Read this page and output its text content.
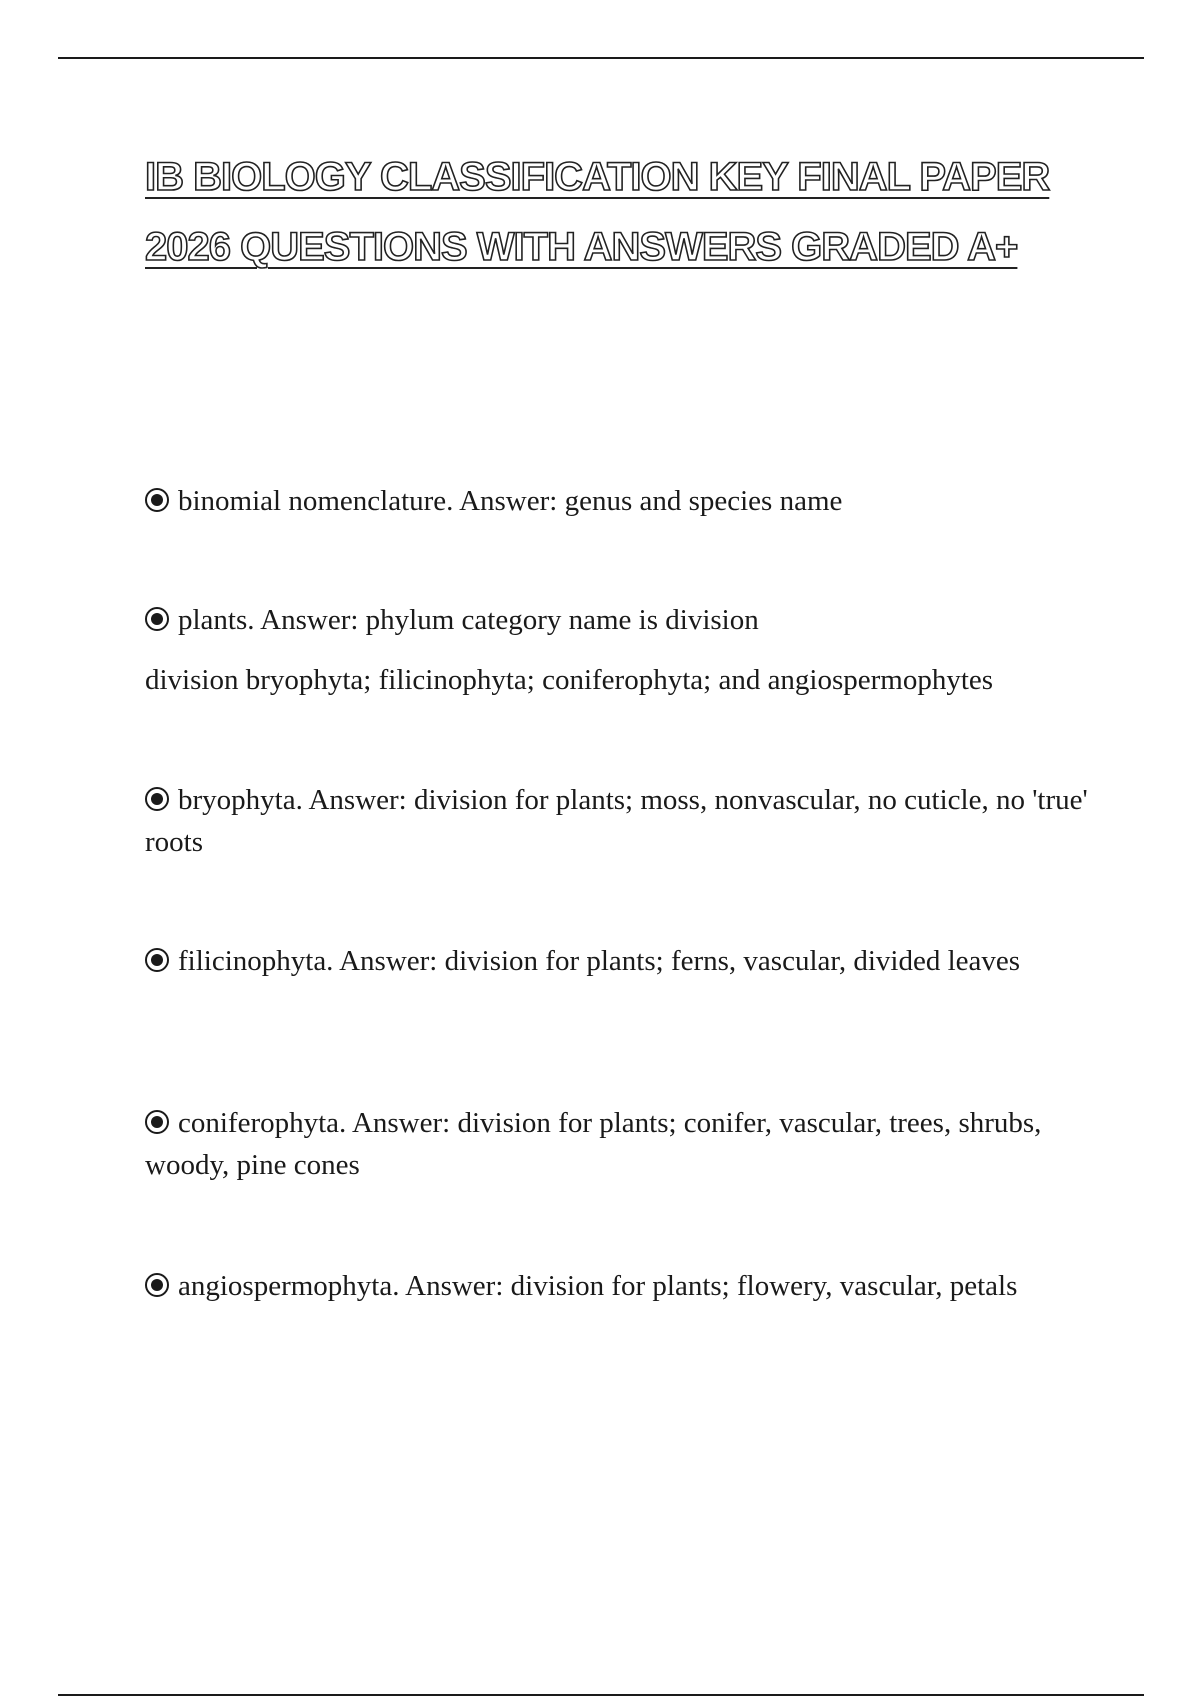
IB BIOLOGY CLASSIFICATION KEY FINAL PAPER 2026 QUESTIONS WITH ANSWERS GRADED A+
binomial nomenclature. Answer: genus and species name
plants. Answer: phylum category name is division
division bryophyta; filicinophyta; coniferophyta; and angiospermophytes
bryophyta. Answer: division for plants; moss, nonvascular, no cuticle, no 'true' roots
filicinophyta. Answer: division for plants; ferns, vascular, divided leaves
coniferophyta. Answer: division for plants; conifer, vascular, trees, shrubs, woody, pine cones
angiospermophyta. Answer: division for plants; flowery, vascular, petals
